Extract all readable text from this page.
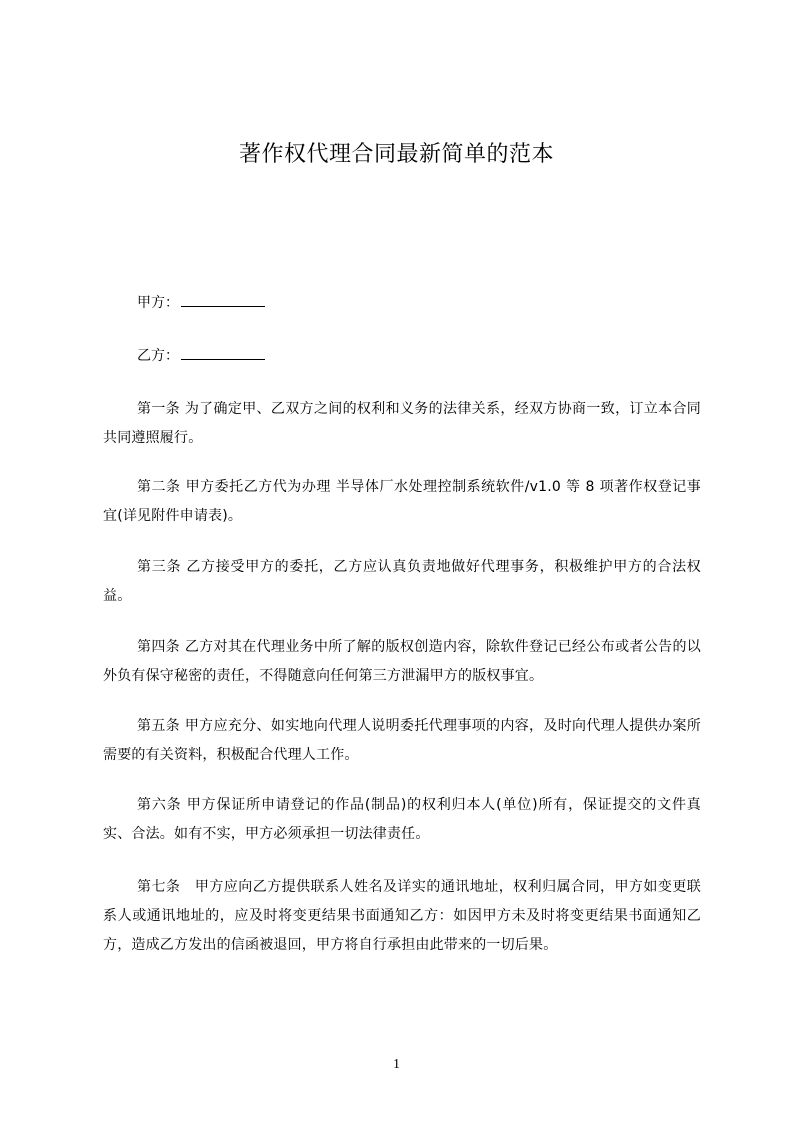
著作权代理合同最新简单的范本
甲方：
乙方：

第一条 为了确定甲、乙双方之间的权利和义务的法律关系，经双方协商一致，订立本合同共同遵照履行。

第二条 甲方委托乙方代为办理 半导体厂水处理控制系统软件/v1.0 等 8 项著作权登记事宜(详见附件申请表)。

第三条 乙方接受甲方的委托，乙方应认真负责地做好代理事务，积极维护甲方的合法权益。

第四条 乙方对其在代理业务中所了解的版权创造内容，除软件登记已经公布或者公告的以外负有保守秘密的责任，不得随意向任何第三方泄漏甲方的版权事宜。

第五条 甲方应充分、如实地向代理人说明委托代理事项的内容，及时向代理人提供办案所需要的有关资料，积极配合代理人工作。

第六条 甲方保证所申请登记的作品(制品)的权利归本人(单位)所有，保证提交的文件真实、合法。如有不实，甲方必须承担一切法律责任。

第七条　甲方应向乙方提供联系人姓名及详实的通讯地址，权利归属合同，甲方如变更联系人或通讯地址的，应及时将变更结果书面通知乙方：如因甲方未及时将变更结果书面通知乙方，造成乙方发出的信函被退回，甲方将自行承担由此带来的一切后果。

1
